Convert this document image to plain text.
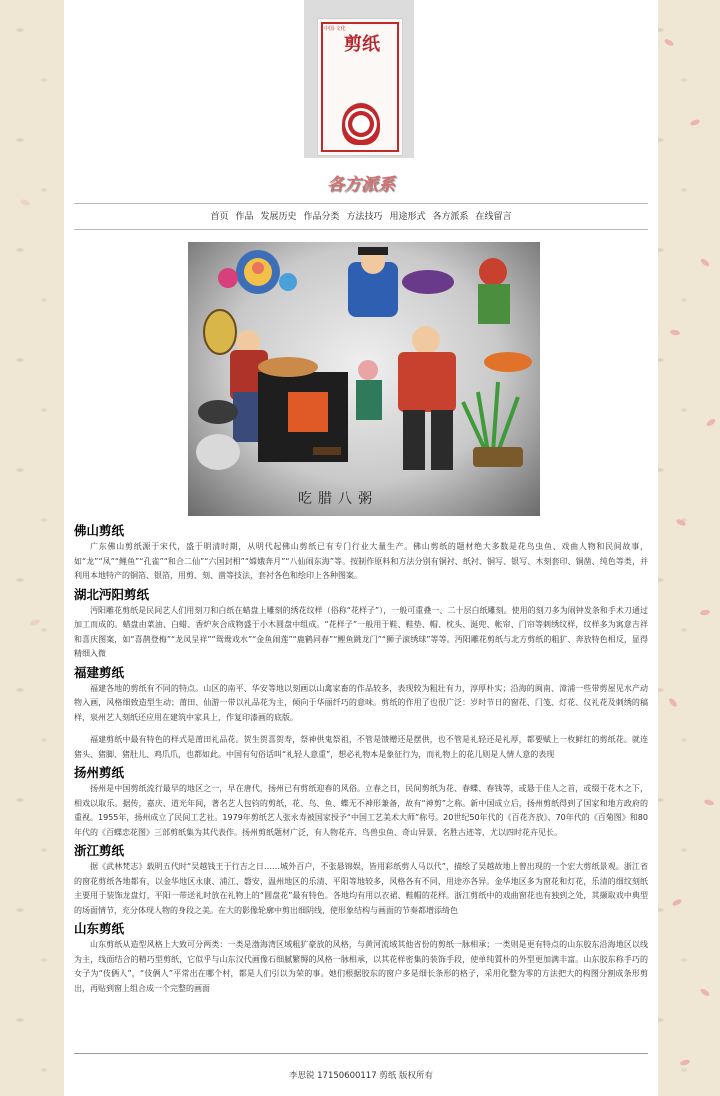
中国·文化
剪纸
各方派系
首页 作品 发展历史 作品分类 方法技巧 用途形式 各方派系 在线留言
吃腊八粥
佛山剪纸

广东佛山剪纸源于宋代，盛于明清时期，从明代起佛山剪纸已有专门行业大量生产。佛山剪纸的题材绝大多数是花鸟虫鱼、戏曲人物和民间故事，如“龙”“凤”“鲤鱼”“孔雀”“和合二仙”“六国封相”“嫦娥奔月”“八仙闹东海”等。按制作原料和方法分别有铜衬、纸衬、铜写、银写、木刻套印、铜凿、纯色等类，并利用本地特产的铜箔、银箔，用剪、刻、凿等技法，套衬各色和绘印上各种图案。

湖北沔阳剪纸

沔阳雕花剪纸是民间艺人们用刻刀和白纸在蜡盘上雕刻的绣花纹样（俗称“花样子”），一般可重叠一、二十层白纸雕刻。使用的刻刀多为闹钟发条和手术刀通过加工而成的。蜡盘由菜油、白蜡、香炉灰合成物盛于小木圆盘中组成。“花样子”一般用于鞋、鞋垫、帽、枕头、涎兜、帐帘、门帘等刺绣纹样，纹样多为寓意吉祥和喜庆图案，如“喜鹊登梅”“龙凤呈祥”“鸳鸯戏水”“金鱼闹莲”“鹿鹤同春”“鲤鱼跳龙门”“狮子滚绣球”等等。沔阳雕花剪纸与北方剪纸的粗犷、奔放特色相反，显得精细入微

福建剪纸

福建各地的剪纸有不同的特点。山区的南平、华安等地以刻画以山禽家畜的作品较多，表现较为粗壮有力，淳厚朴实；沿海的闽南、漳浦一些带剪屋见水产动物入画，风格细致造型生动；莆田、仙游一带以礼品花为主，倾向于华丽纤巧的意味。剪纸的作用了也很广泛：岁时节日的窗花、门笺、灯花、仪礼花及刺绣的稿样，泉州艺人刻纸还应用在建筑中家具上，作复印漆画的底版。

福建剪纸中最有特色的样式是莆田礼品花。贺生贺喜贺寿，祭神供鬼祭祖，不管是馈赠还是摆供，也不管是礼轻还是礼厚，都要赋上一枚鲜红的剪纸花。就连猪头、猪脚、猪肚儿、鸡爪爪，也都如此。中国有句俗话叫“礼轻人意重”，想必礼物本是象征行为，而礼物上的花儿则是人情人意的表现

扬州剪纸

扬州是中国剪纸流行最早的地区之一，早在唐代，扬州已有剪纸迎春的风俗。立春之日，民间剪纸为花、春蝶、春钱等，或悬于佳人之首，或缀于花木之下，相戏以取乐。据传，嘉庆、道光年间，著名艺人包钧的剪纸，花、鸟、鱼、蝶无不神形兼备，故有“神剪”之称。新中国成立后，扬州剪纸得到了国家和地方政府的重视。1955年，扬州成立了民间工艺社。1979年剪纸艺人张永寿被国家授予“中国工艺美术大师”称号。20世纪50年代的《百花齐放》、70年代的《百菊图》和80年代的《百蝶恋花图》三部剪纸集为其代表作。扬州剪纸题材广泛，有人物花卉、鸟兽虫鱼、奇山异景、名胜古迹等，尤以四时花卉见长。

浙江剪纸

据《武林梵志》载明五代时“吴越钱王于行吉之日……城外百户，不张悬锦娱，皆用彩纸剪人马以代”，描绘了吴越故地上曾出现的一个宏大剪纸景观。浙江省的窗花剪纸各地都有，以金华地区永康、浦江、磐安，温州地区的乐清、平阳等地较多，风格各有不同，用途亦各异。金华地区多为窗花和灯花，乐清的细纹刻纸主要用于装饰龙盘灯，平阳一带送礼时放在礼物上的“圆盘花”最有特色。各地均有用以衣裙、鞋帽的花样。浙江剪纸中的戏曲窗花也有独到之处，其撷取戏中典型的场面情节，充分体现人物的身段之美。在大的影像轮廓中剪出细阴线，使形象结构与画面的节奏都增添绮色

山东剪纸

山东剪纸从造型风格上大致可分两类：一类是渤海湾区域粗犷豪放的风格，与黄河流域其他省份的剪纸一脉相承；一类则是更有特点的山东胶东沿海地区以线为主，线面结合的精巧型剪纸，它似乎与山东汉代画像石细腻繁缛的风格一脉相承，以其花样密集的装饰手段，使单纯質朴的外型更加满丰富。山东胶东称手巧的女子为“伎俩人”，“伎俩人”平常出在哪个村，都是人们引以为荣的事。她们根据胶东的窗户多是细长条形的格子，采用化整为零的方法把大的构图分割成条形剪出，再贴到窗上组合成一个完整的画面

李思锐 17150600117 剪纸 版权所有
